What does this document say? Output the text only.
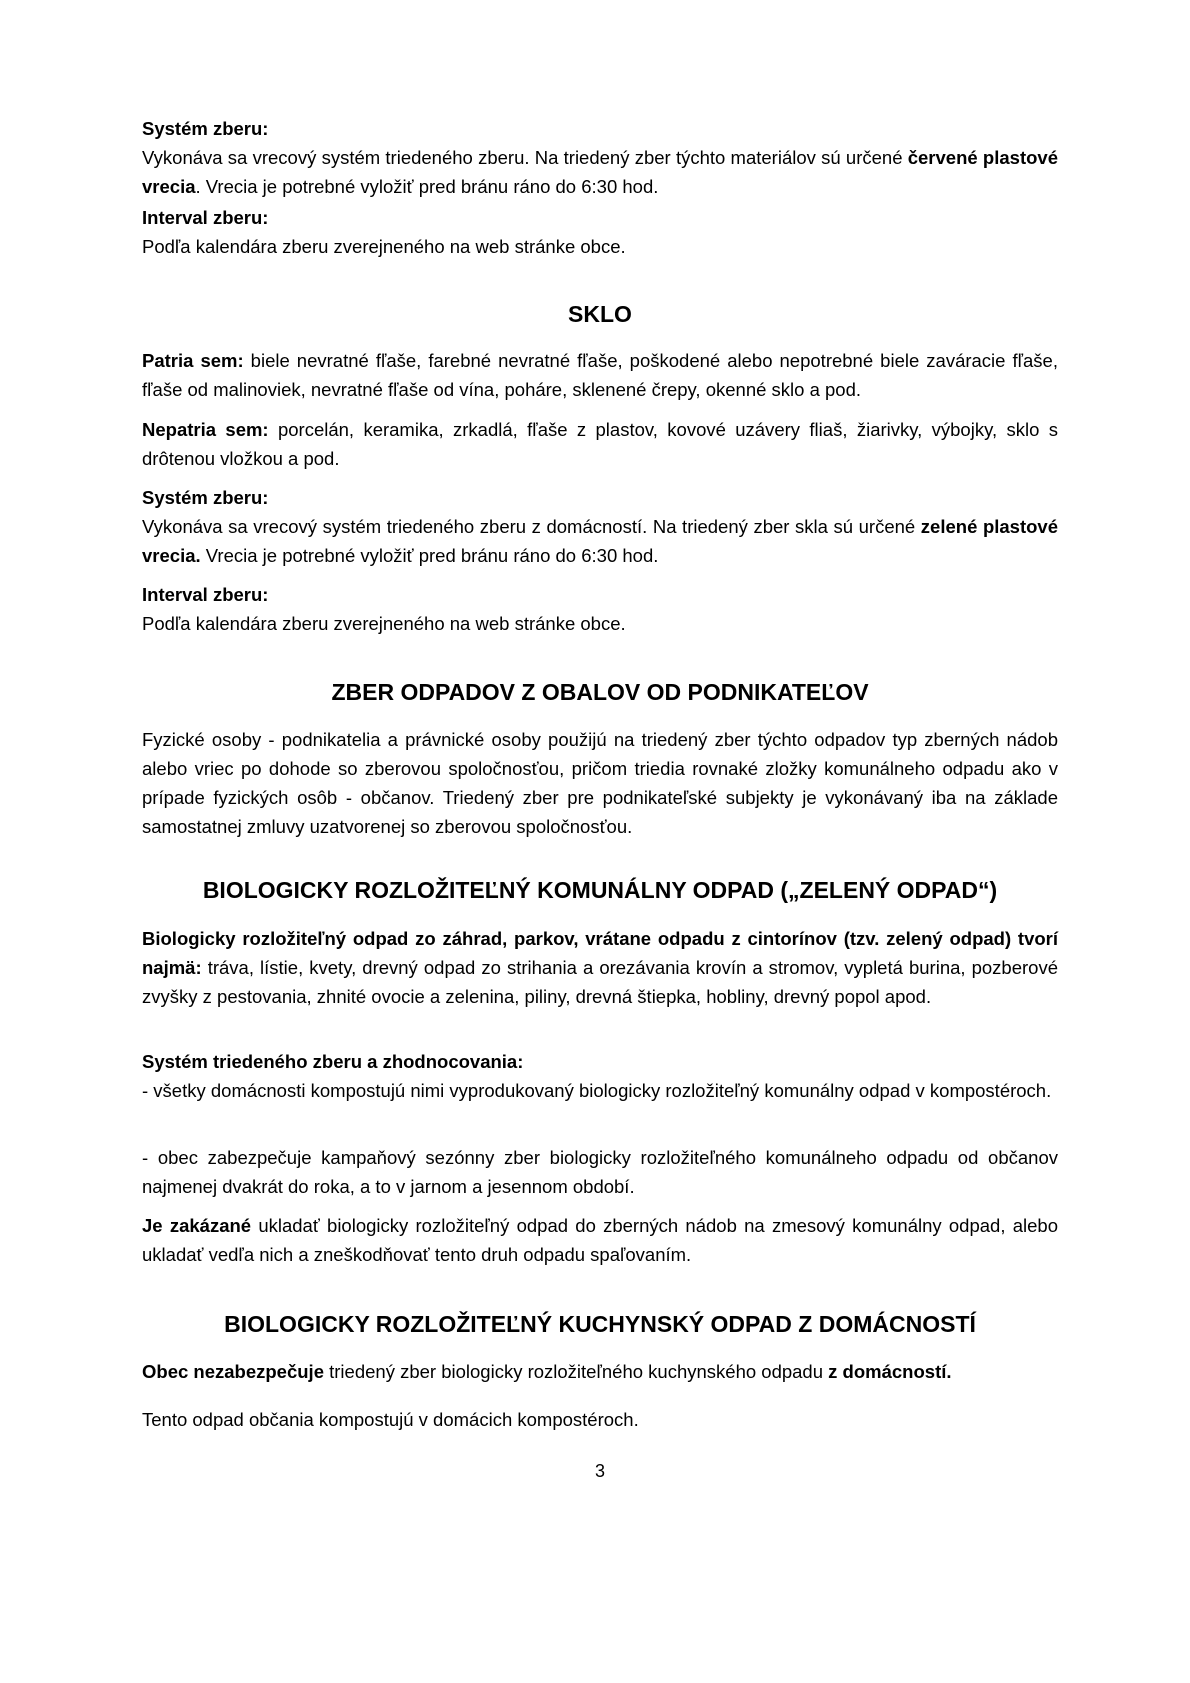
Systém zberu:

Vykonáva sa vrecový systém triedeného zberu. Na triedený zber týchto materiálov sú určené červené plastové vrecia. Vrecia je potrebné vyložiť pred bránu ráno do 6:30 hod.

Interval zberu:

Podľa kalendára zberu zverejneného na web stránke obce.

SKLO

Patria sem: biele nevratné fľaše, farebné nevratné fľaše, poškodené alebo nepotrebné biele zaváracie fľaše, fľaše od malinoviek, nevratné fľaše od vína, poháre, sklenené črepy, okenné sklo a pod.

Nepatria sem: porcelán, keramika, zrkadlá, fľaše z plastov, kovové uzávery fliaš, žiarivky, výbojky, sklo s drôtenou vložkou a pod.

Systém zberu:

Vykonáva sa vrecový systém triedeného zberu z domácností. Na triedený zber skla sú určené zelené plastové vrecia. Vrecia je potrebné vyložiť pred bránu ráno do 6:30 hod.

Interval zberu:

Podľa kalendára zberu zverejneného na web stránke obce.

ZBER ODPADOV Z OBALOV OD PODNIKATEĽOV

Fyzické osoby - podnikatelia a právnické osoby použijú na triedený zber týchto odpadov typ zberných nádob alebo vriec po dohode so zberovou spoločnosťou, pričom triedia rovnaké zložky komunálneho odpadu ako v prípade fyzických osôb - občanov. Triedený zber pre podnikateľské subjekty je vykonávaný iba na základe samostatnej zmluvy uzatvorenej so zberovou spoločnosťou.

BIOLOGICKY ROZLOŽITEĽNÝ KOMUNÁLNY ODPAD („ZELENÝ ODPAD“)

Biologicky rozložiteľný odpad zo záhrad, parkov, vrátane odpadu z cintorínov (tzv. zelený odpad) tvorí najmä: tráva, lístie, kvety, drevný odpad zo strihania a orezávania krovín a stromov, vypletá burina, pozberové zvyšky z pestovania, zhnité ovocie a zelenina, piliny, drevná štiepka, hobliny, drevný popol apod.

Systém triedeného zberu a zhodnocovania:

- všetky domácnosti kompostujú nimi vyprodukovaný biologicky rozložiteľný komunálny odpad v kompostéroch.

- obec zabezpečuje kampaňový sezónny zber biologicky rozložiteľného komunálneho odpadu od občanov najmenej dvakrát do roka, a to v jarnom a jesennom období.

Je zakázané ukladať biologicky rozložiteľný odpad do zberných nádob na zmesový komunálny odpad, alebo ukladať vedľa nich a zneškodňovať tento druh odpadu spaľovaním.

BIOLOGICKY ROZLOŽITEĽNÝ KUCHYNSKÝ ODPAD Z DOMÁCNOSTÍ

Obec nezabezpečuje triedený zber biologicky rozložiteľného kuchynského odpadu z domácností.

Tento odpad občania kompostujú v domácich kompostéroch.

3
